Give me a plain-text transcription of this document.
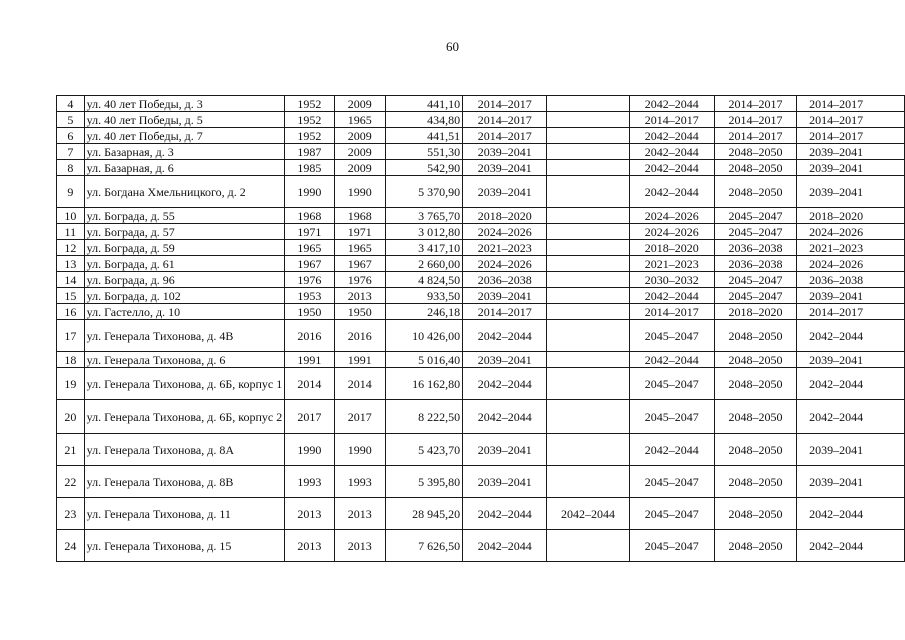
60
4	ул. 40 лет Победы, д. 3	1952	2009	441,10	2014–2017		2042–2044	2014–2017	2014–2017
5	ул. 40 лет Победы, д. 5	1952	1965	434,80	2014–2017		2014–2017	2014–2017	2014–2017
6	ул. 40 лет Победы, д. 7	1952	2009	441,51	2014–2017		2042–2044	2014–2017	2014–2017
7	ул. Базарная, д. 3	1987	2009	551,30	2039–2041		2042–2044	2048–2050	2039–2041
8	ул. Базарная, д. 6	1985	2009	542,90	2039–2041		2042–2044	2048–2050	2039–2041
9	ул. Богдана Хмельницкого, д. 2	1990	1990	5 370,90	2039–2041		2042–2044	2048–2050	2039–2041
10	ул. Бограда, д. 55	1968	1968	3 765,70	2018–2020		2024–2026	2045–2047	2018–2020
11	ул. Бограда, д. 57	1971	1971	3 012,80	2024–2026		2024–2026	2045–2047	2024–2026
12	ул. Бограда, д. 59	1965	1965	3 417,10	2021–2023		2018–2020	2036–2038	2021–2023
13	ул. Бограда, д. 61	1967	1967	2 660,00	2024–2026		2021–2023	2036–2038	2024–2026
14	ул. Бограда, д. 96	1976	1976	4 824,50	2036–2038		2030–2032	2045–2047	2036–2038
15	ул. Бограда, д. 102	1953	2013	933,50	2039–2041		2042–2044	2045–2047	2039–2041
16	ул. Гастелло, д. 10	1950	1950	246,18	2014–2017		2014–2017	2018–2020	2014–2017
17	ул. Генерала Тихонова, д. 4В	2016	2016	10 426,00	2042–2044		2045–2047	2048–2050	2042–2044
18	ул. Генерала Тихонова, д. 6	1991	1991	5 016,40	2039–2041		2042–2044	2048–2050	2039–2041
19	ул. Генерала Тихонова, д. 6Б, корпус 1	2014	2014	16 162,80	2042–2044		2045–2047	2048–2050	2042–2044
20	ул. Генерала Тихонова, д. 6Б, корпус 2	2017	2017	8 222,50	2042–2044		2045–2047	2048–2050	2042–2044
21	ул. Генерала Тихонова, д. 8А	1990	1990	5 423,70	2039–2041		2042–2044	2048–2050	2039–2041
22	ул. Генерала Тихонова, д. 8В	1993	1993	5 395,80	2039–2041		2045–2047	2048–2050	2039–2041
23	ул. Генерала Тихонова, д. 11	2013	2013	28 945,20	2042–2044	2042–2044	2045–2047	2048–2050	2042–2044
24	ул. Генерала Тихонова, д. 15	2013	2013	7 626,50	2042–2044		2045–2047	2048–2050	2042–2044
